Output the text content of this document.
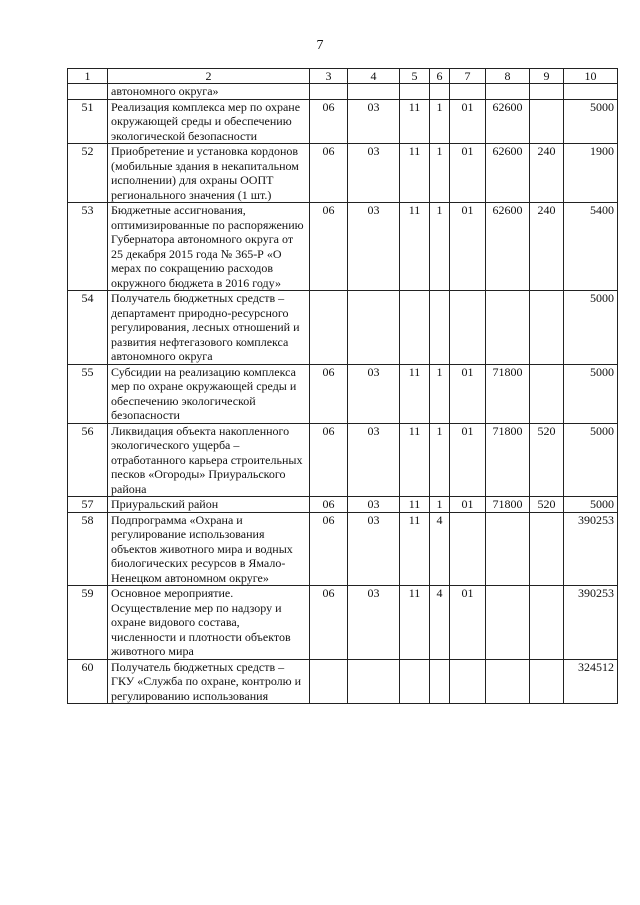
7
1	2	3	4	5	6	7	8	9	10
	автономного округа»								
51	Реализация комплекса мер по охране окружающей среды и обеспечению экологической безопасности	06	03	11	1	01	62600		5000
52	Приобретение и установка кордонов (мобильные здания в некапитальном исполнении) для охраны ООПТ регионального значения (1 шт.)	06	03	11	1	01	62600	240	1900
53	Бюджетные ассигнования, оптимизированные по распоряжению Губернатора автономного округа от 25 декабря 2015 года № 365-Р «О мерах по сокращению расходов окружного бюджета в 2016 году»	06	03	11	1	01	62600	240	5400
54	Получатель бюджетных средств – департамент природно-ресурсного регулирования, лесных отношений и развития нефтегазового комплекса автономного округа								5000
55	Субсидии на реализацию комплекса мер по охране окружающей среды и обеспечению экологической безопасности	06	03	11	1	01	71800		5000
56	Ликвидация объекта накопленного экологического ущерба – отработанного карьера строительных песков «Огороды» Приуральского района	06	03	11	1	01	71800	520	5000
57	Приуральский район	06	03	11	1	01	71800	520	5000
58	Подпрограмма «Охрана и регулирование использования объектов животного мира и водных биологических ресурсов в Ямало-Ненецком автономном округе»	06	03	11	4				390253
59	Основное мероприятие. Осуществление мер по надзору и охране видового состава, численности и плотности объектов животного мира	06	03	11	4	01			390253
60	Получатель бюджетных средств – ГКУ «Служба по охране, контролю и регулированию использования								324512
